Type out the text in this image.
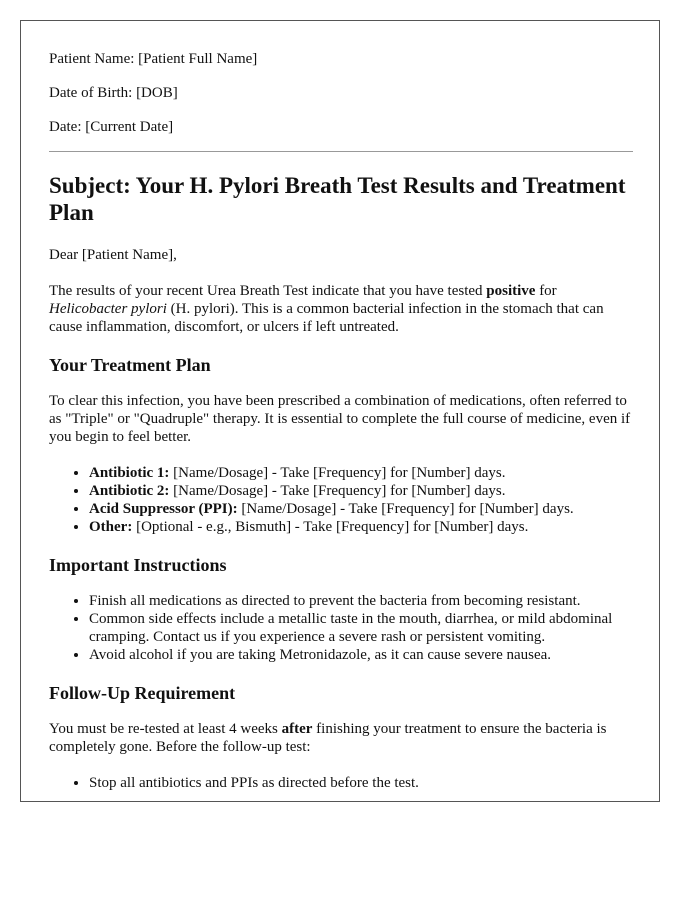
Patient Name: [Patient Full Name]

Date of Birth: [DOB]

Date: [Current Date]

Subject: Your H. Pylori Breath Test Results and Treatment Plan

Dear [Patient Name],

The results of your recent Urea Breath Test indicate that you have tested positive for Helicobacter pylori (H. pylori). This is a common bacterial infection in the stomach that can cause inflammation, discomfort, or ulcers if left untreated.

Your Treatment Plan

To clear this infection, you have been prescribed a combination of medications, often referred to as "Triple" or "Quadruple" therapy. It is essential to complete the full course of medicine, even if you begin to feel better.

• Antibiotic 1: [Name/Dosage] - Take [Frequency] for [Number] days.
• Antibiotic 2: [Name/Dosage] - Take [Frequency] for [Number] days.
• Acid Suppressor (PPI): [Name/Dosage] - Take [Frequency] for [Number] days.
• Other: [Optional - e.g., Bismuth] - Take [Frequency] for [Number] days.
Important Instructions
• Finish all medications as directed to prevent the bacteria from becoming resistant.
• Common side effects include a metallic taste in the mouth, diarrhea, or mild abdominal cramping. Contact us if you experience a severe rash or persistent vomiting.
• Avoid alcohol if you are taking Metronidazole, as it can cause severe nausea.
Follow-Up Requirement

You must be re-tested at least 4 weeks after finishing your treatment to ensure the bacteria is completely gone. Before the follow-up test:

• Stop all antibiotics and PPIs as directed before the test.
